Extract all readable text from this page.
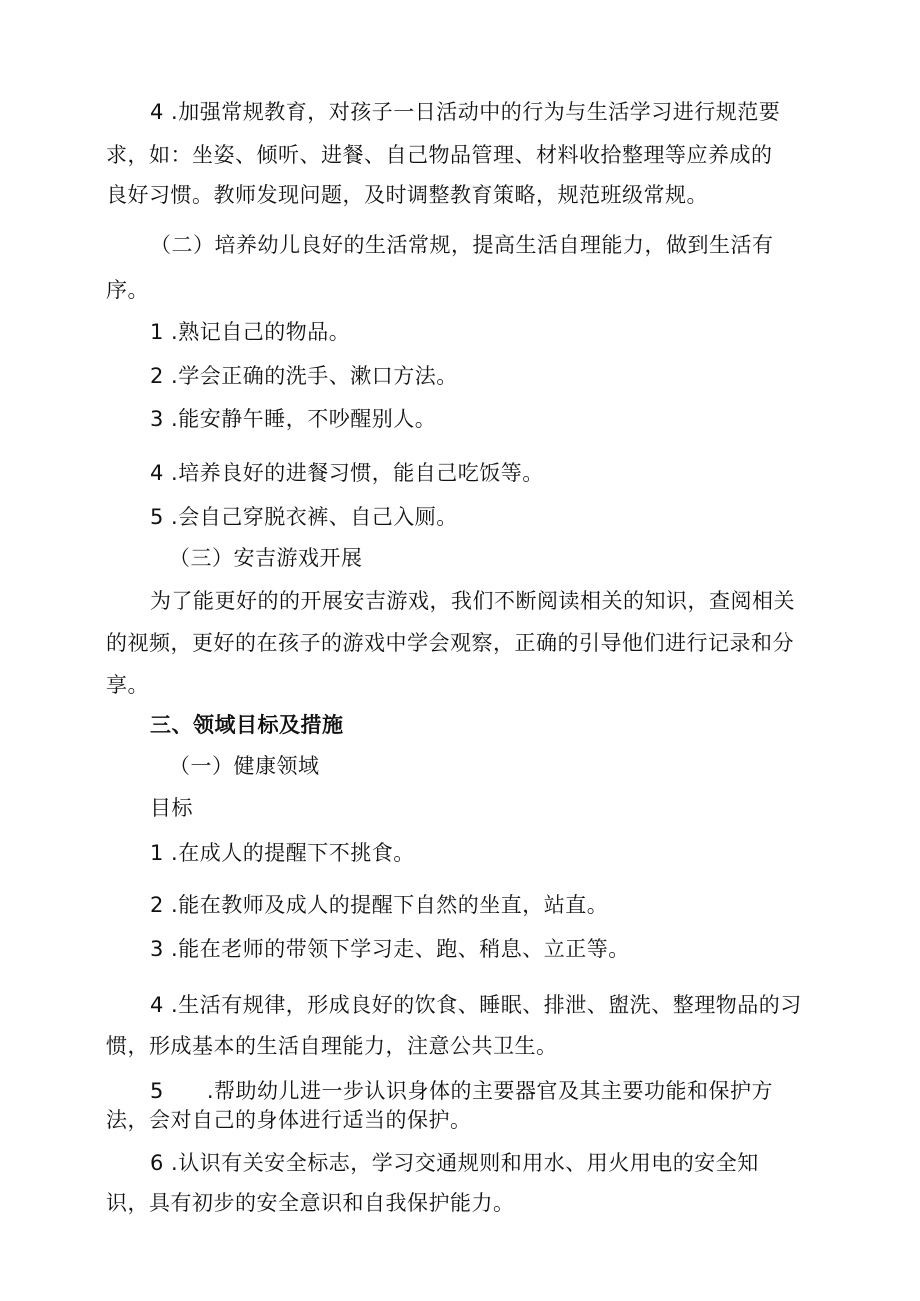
4 .加强常规教育，对孩子一日活动中的行为与生活学习进行规范要

求，如：坐姿、倾听、进餐、自己物品管理、材料收拾整理等应养成的

良好习惯。教师发现问题，及时调整教育策略，规范班级常规。

（二）培养幼儿良好的生活常规，提高生活自理能力，做到生活有

序。

1 .熟记自己的物品。

2 .学会正确的洗手、漱口方法。

3 .能安静午睡，不吵醒别人。

4 .培养良好的进餐习惯，能自己吃饭等。

5 .会自己穿脱衣裤、自己入厕。

（三）安吉游戏开展

为了能更好的的开展安吉游戏，我们不断阅读相关的知识，查阅相关

的视频，更好的在孩子的游戏中学会观察，正确的引导他们进行记录和分

享。

三、领域目标及措施

（一）健康领域

目标

1 .在成人的提醒下不挑食。

2 .能在教师及成人的提醒下自然的坐直，站直。

3 .能在老师的带领下学习走、跑、稍息、立正等。

4 .生活有规律，形成良好的饮食、睡眠、排泄、盥洗、整理物品的习

惯，形成基本的生活自理能力，注意公共卫生。

5　　.帮助幼儿进一步认识身体的主要器官及其主要功能和保护方

法，会对自己的身体进行适当的保护。

6 .认识有关安全标志，学习交通规则和用水、用火用电的安全知

识，具有初步的安全意识和自我保护能力。
